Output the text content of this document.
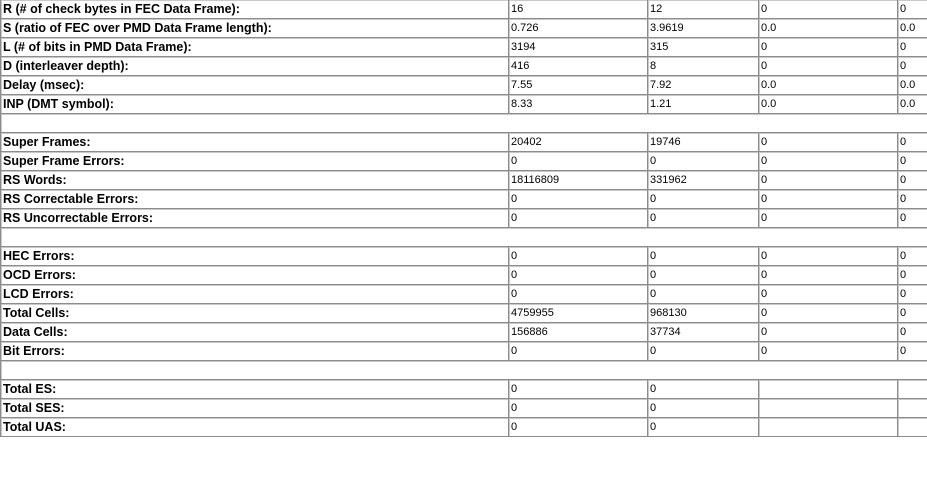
R (# of check bytes in FEC Data Frame):	16	12	0	0
S (ratio of FEC over PMD Data Frame length):	0.726	3.9619	0.0	0.0
L (# of bits in PMD Data Frame):	3194	315	0	0
D (interleaver depth):	416	8	0	0
Delay (msec):	7.55	7.92	0.0	0.0
INP (DMT symbol):	8.33	1.21	0.0	0.0

Super Frames:	20402	19746	0	0
Super Frame Errors:	0	0	0	0
RS Words:	18116809	331962	0	0
RS Correctable Errors:	0	0	0	0
RS Uncorrectable Errors:	0	0	0	0

HEC Errors:	0	0	0	0
OCD Errors:	0	0	0	0
LCD Errors:	0	0	0	0
Total Cells:	4759955	968130	0	0
Data Cells:	156886	37734	0	0
Bit Errors:	0	0	0	0

Total ES:	0	0		
Total SES:	0	0		
Total UAS:	0	0		
